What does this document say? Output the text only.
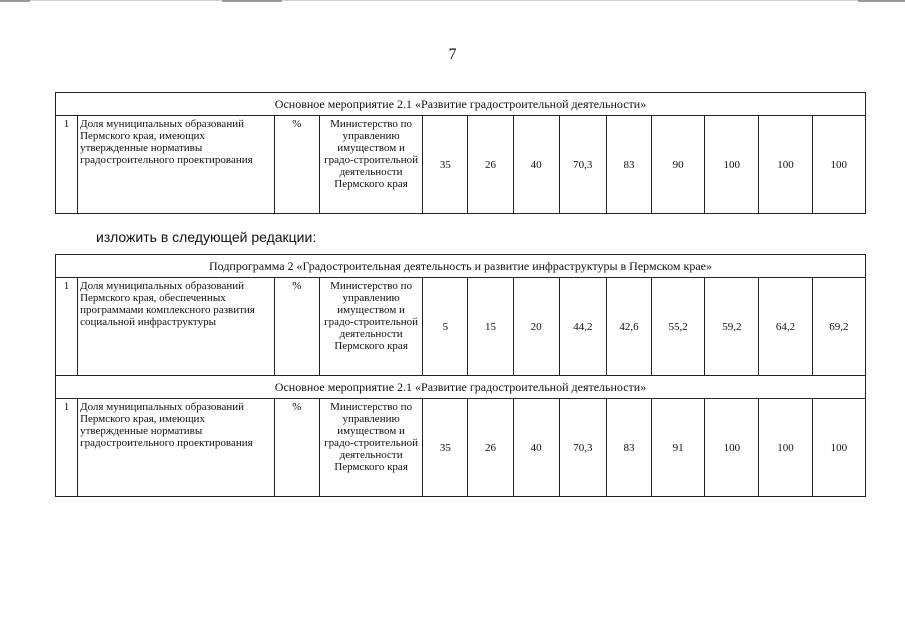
7
Основное мероприятие 2.1 «Развитие градостроительной деятельности»
1	Доля муниципальных образований Пермского края, имеющих утвержденные нормативы градостроительного проектирования	%	Министерство по управлению имуществом и градо-строительной деятельности Пермского края	35	26	40	70,3	83	90	100	100	100
изложить в следующей редакции:
Подпрограмма 2 «Градостроительная деятельность и развитие инфраструктуры в Пермском крае»												
1	Доля муниципальных образований Пермского края, обеспеченных программами комплексного развития социальной инфраструктуры	%	Министерство по управлению имуществом и градо-строительной деятельности Пермского края	5	15	20	44,2	42,6	55,2	59,2	64,2	69,2
Основное мероприятие 2.1 «Развитие градостроительной деятельности»												
1	Доля муниципальных образований Пермского края, имеющих утвержденные нормативы градостроительного проектирования	%	Министерство по управлению имуществом и градо-строительной деятельности Пермского края	35	26	40	70,3	83	91	100	100	100
